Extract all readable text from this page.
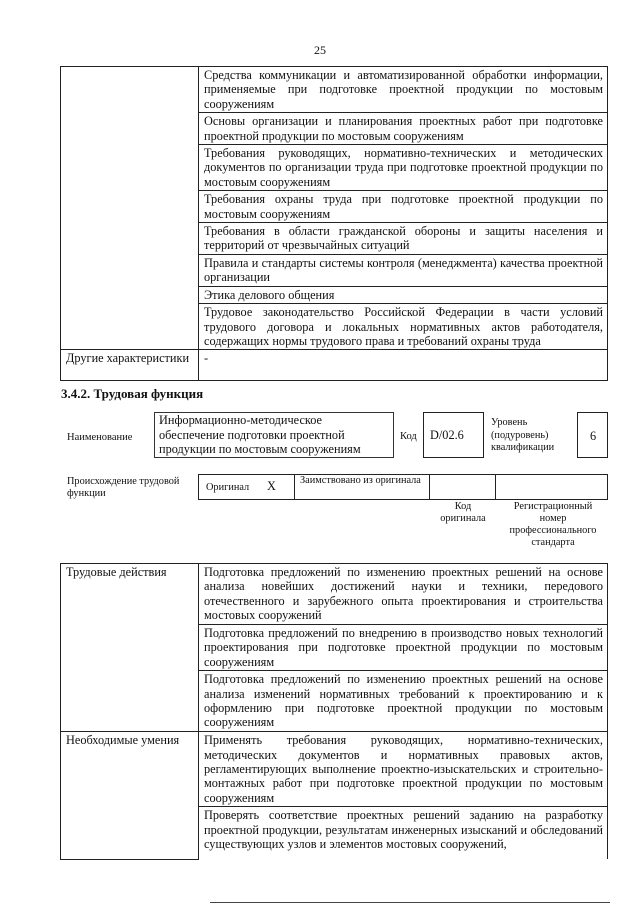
25
	Средства коммуникации и автоматизированной обработки информации, применяемые при подготовке проектной продукции по мостовым сооружениям
	Основы организации и планирования проектных работ при подготовке проектной продукции по мостовым сооружениям
	Требования руководящих, нормативно-технических и методических документов по организации труда при подготовке проектной продукции по мостовым сооружениям
	Требования охраны труда при подготовке проектной продукции по мостовым сооружениям
	Требования в области гражданской обороны и защиты населения и территорий от чрезвычайных ситуаций
	Правила и стандарты системы контроля (менеджмента) качества проектной организации
	Этика делового общения
	Трудовое законодательство Российской Федерации в части условий трудового договора и локальных нормативных актов работодателя, содержащих нормы трудового права и требований охраны труда
Другие характеристики	-
3.4.2. Трудовая функция
Наименование
Информационно-методическое обеспечение подготовки проектной продукции по мостовым сооружениям
Код	D/02.6
Уровень (подуровень) квалификации
6
Происхождение трудовой функции
Оригинал X Заимствовано из оригинала
Код оригинала
Регистрационный номер профессионального стандарта
Трудовые действия	Подготовка предложений по изменению проектных решений на основе анализа новейших достижений науки и техники, передового отечественного и зарубежного опыта проектирования и строительства мостовых сооружений
	Подготовка предложений по внедрению в производство новых технологий проектирования при подготовке проектной продукции по мостовым сооружениям
	Подготовка предложений по изменению проектных решений на основе анализа изменений нормативных требований к проектированию и к оформлению при подготовке проектной продукции по мостовым сооружениям
Необходимые умения	Применять требования руководящих, нормативно-технических, методических документов и нормативных правовых актов, регламентирующих выполнение проектно-изыскательских и строительно-монтажных работ при подготовке проектной продукции по мостовым сооружениям
	Проверять соответствие проектных решений заданию на разработку проектной продукции, результатам инженерных изысканий и обследований существующих узлов и элементов мостовых сооружений,
